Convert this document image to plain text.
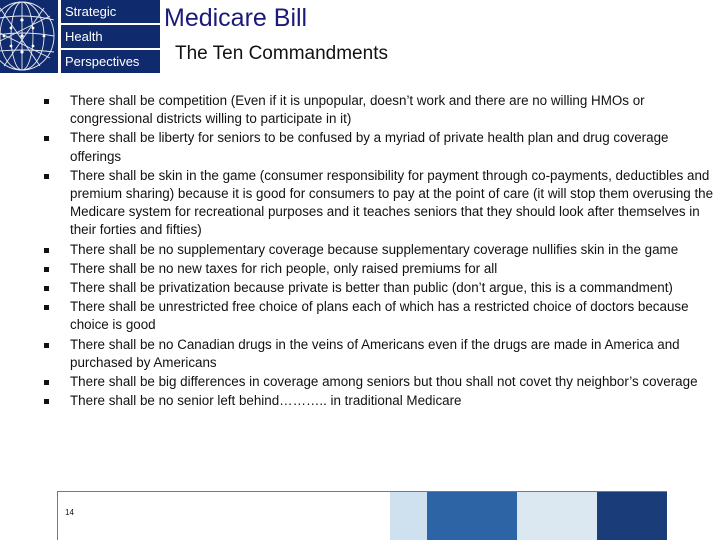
Strategic
Health
Perspectives
Medicare Bill
The Ten Commandments
There shall be competition (Even if it is unpopular, doesn’t work and there are no willing HMOs or congressional districts willing to participate in it)
There shall be liberty for seniors to be confused by a myriad of private health plan and drug coverage offerings
There shall be skin in the game (consumer responsibility for payment through co-payments, deductibles and premium sharing) because it is good for consumers to pay at the point of care (it will stop them overusing the Medicare system for recreational purposes and it teaches seniors that they should look after themselves in their forties and fifties)
There shall be no supplementary coverage because supplementary coverage nullifies skin in the game
There shall be no new taxes for rich people, only raised premiums for all
There shall be privatization because private is better than public (don’t argue, this is a commandment)
There shall be unrestricted free choice of plans each of which has a restricted choice of doctors because choice is good
There shall be no Canadian drugs in the veins of Americans even if the drugs are made in America and purchased by Americans
There shall be big differences in coverage among seniors but thou shall not covet thy neighbor’s coverage
There shall be no senior left behind……….. in traditional Medicare
14
